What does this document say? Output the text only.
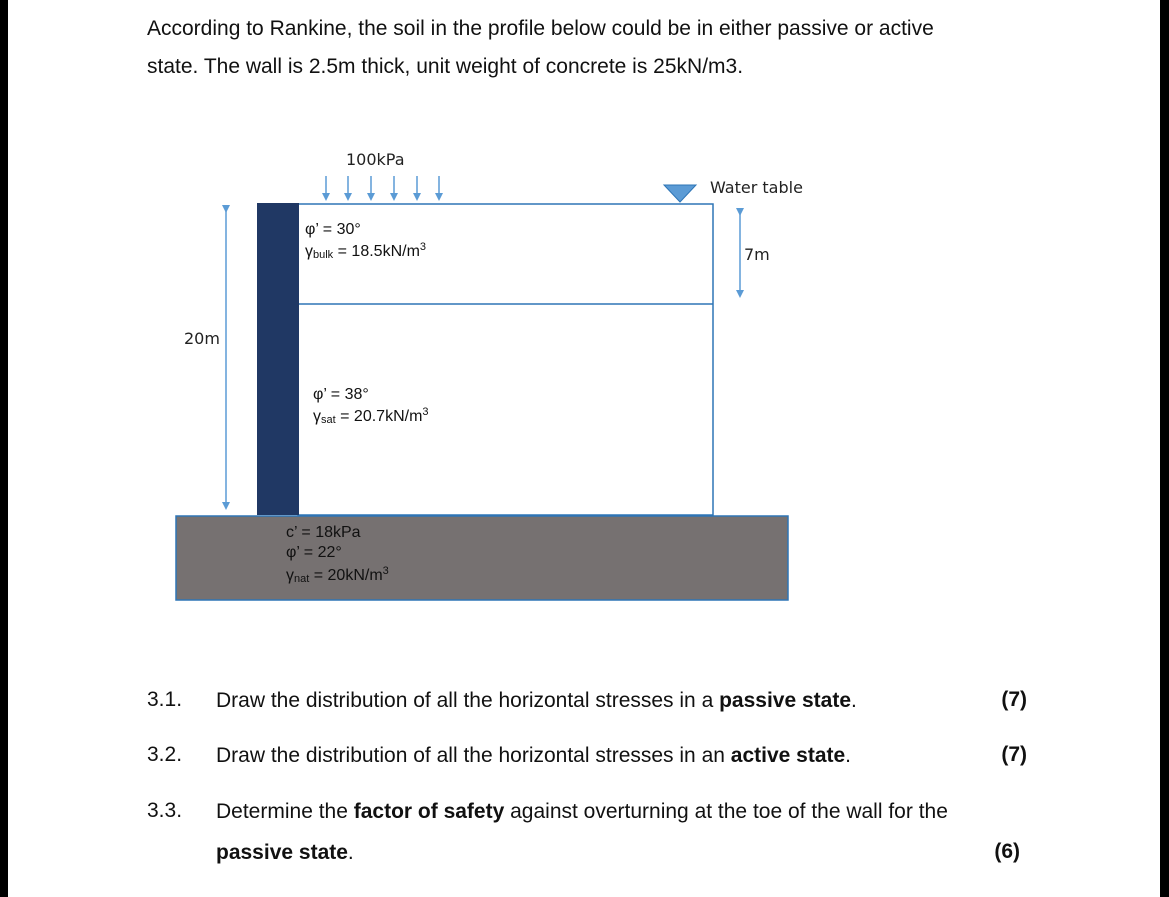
According to Rankine, the soil in the profile below could be in either passive or active
state. The wall is 2.5m thick, unit weight of concrete is 25kN/m3.
100kPa
Water table
7m
20m
φ’ = 30°
γbulk = $18.5kN/m^3$
φ’ = 38°
$\gamma sat = 20.7kN/m^3$
c’ = 18kPa
φ’ = 22°
$\gamma nat = 20kN/m^3$
3.1. Draw the distribution of all the horizontal stresses in a passive state.	(7)
3.2. Draw the distribution of all the horizontal stresses in an active state.	(7)
3.3. Determine the factor of safety against overturning at the toe of the wall for the
passive state.	(6)
